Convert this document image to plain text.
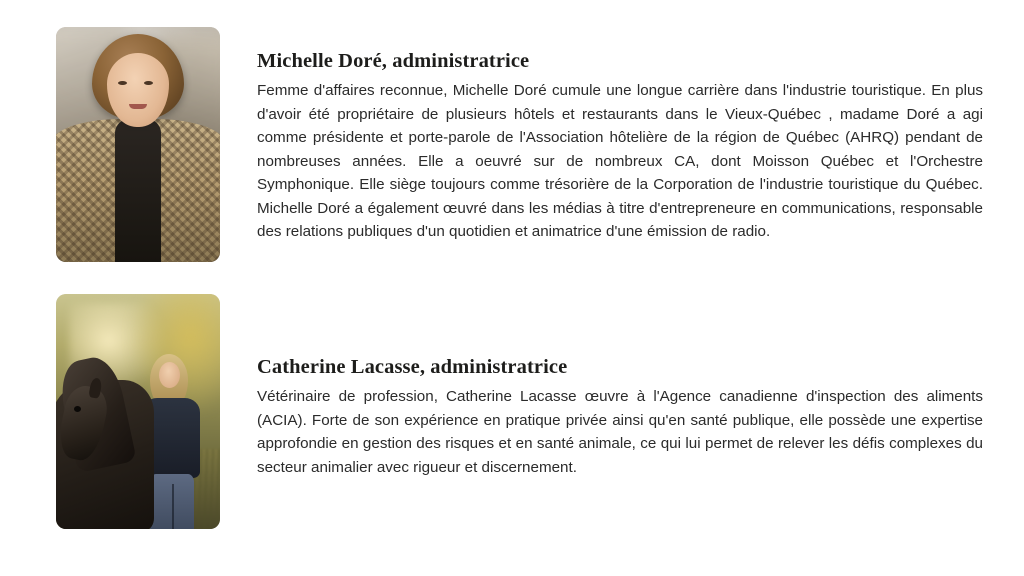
Michelle Doré, administratrice

Femme d'affaires reconnue, Michelle Doré cumule une longue carrière dans l'industrie touristique. En plus d'avoir été propriétaire de plusieurs hôtels et restaurants dans le Vieux-Québec , madame Doré a agi comme présidente et porte-parole de l'Association hôtelière de la région de Québec (AHRQ) pendant de nombreuses années. Elle a oeuvré sur de nombreux CA, dont Moisson Québec et l'Orchestre Symphonique. Elle siège toujours comme trésorière de la Corporation de l'industrie touristique du Québec. Michelle Doré a également œuvré dans les médias à titre d'entrepreneure en communications, responsable des relations publiques d'un quotidien et animatrice d'une émission de radio.

Catherine Lacasse, administratrice

Vétérinaire de profession, Catherine Lacasse œuvre à l'Agence canadienne d'inspection des aliments (ACIA). Forte de son expérience en pratique privée ainsi qu'en santé publique, elle possède une expertise approfondie en gestion des risques et en santé animale, ce qui lui permet de relever les défis complexes du secteur animalier avec rigueur et discernement.
